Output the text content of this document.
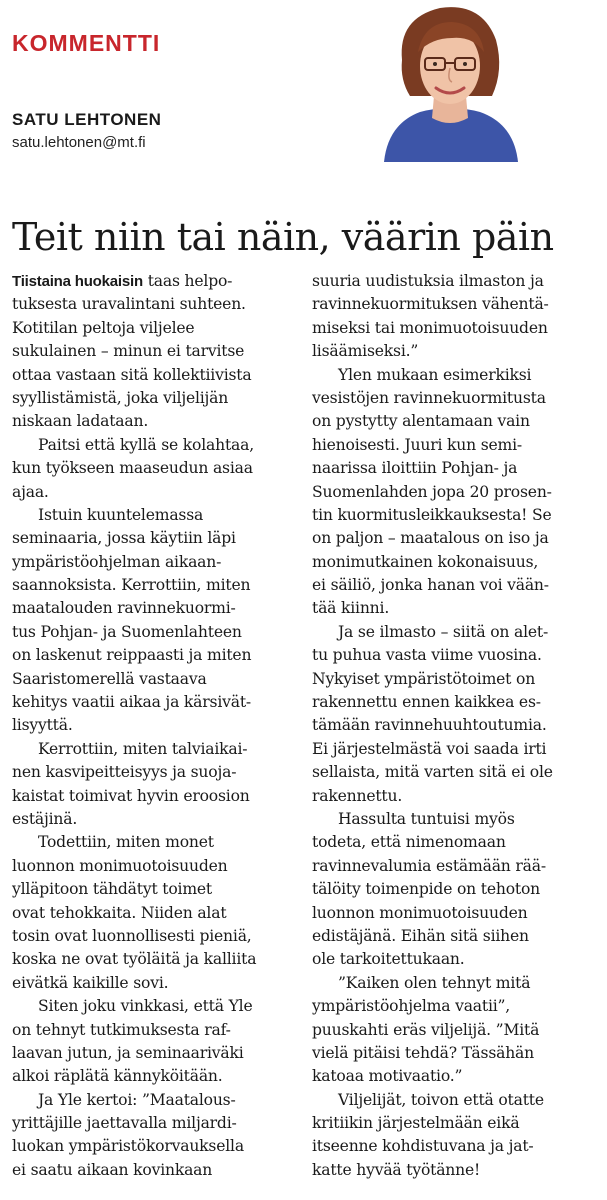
KOMMENTTI
SATU LEHTONEN
satu.lehtonen@mt.fi
Teit niin tai näin, väärin päin
Tiistaina huokaisin taas helpo-
tuksesta uravalintani suhteen.
Kotitilan peltoja viljelee
sukulainen – minun ei tarvitse
ottaa vastaan sitä kollektiivista
syyllistämistä, joka viljelijän
niskaan ladataan.
Paitsi että kyllä se kolahtaa,
kun työkseen maaseudun asiaa
ajaa.
Istuin kuuntelemassa
seminaaria, jossa käytiin läpi
ympäristöohjelman aikaan-
saannoksista. Kerrottiin, miten
maatalouden ravinnekuormi-
tus Pohjan- ja Suomenlahteen
on laskenut reippaasti ja miten
Saaristomerellä vastaava
kehitys vaatii aikaa ja kärsivät-
lisyyttä.
Kerrottiin, miten talviaikai-
nen kasvipeitteisyys ja suoja-
kaistat toimivat hyvin eroosion
estäjinä.
Todettiin, miten monet
luonnon monimuotoisuuden
ylläpitoon tähdätyt toimet
ovat tehokkaita. Niiden alat
tosin ovat luonnollisesti pieniä,
koska ne ovat työläitä ja kalliita
eivätkä kaikille sovi.
Siten joku vinkkasi, että Yle
on tehnyt tutkimuksesta raf-
laavan jutun, ja seminaariväki
alkoi räplätä kännyköitään.
Ja Yle kertoi: ”Maatalous-
yrittäjille jaettavalla miljardi-
luokan ympäristökorvauksella
ei saatu aikaan kovinkaan
suuria uudistuksia ilmaston ja
ravinnekuormituksen vähentä-
miseksi tai monimuotoisuuden
lisäämiseksi.”
Ylen mukaan esimerkiksi
vesistöjen ravinnekuormitusta
on pystytty alentamaan vain
hienoisesti. Juuri kun semi-
naarissa iloittiin Pohjan- ja
Suomenlahden jopa 20 prosen-
tin kuormitusleikkauksesta! Se
on paljon – maatalous on iso ja
monimutkainen kokonaisuus,
ei säiliö, jonka hanan voi vään-
tää kiinni.
Ja se ilmasto – siitä on alet-
tu puhua vasta viime vuosina.
Nykyiset ympäristötoimet on
rakennettu ennen kaikkea es-
tämään ravinnehuuhtoutumia.
Ei järjestelmästä voi saada irti
sellaista, mitä varten sitä ei ole
rakennettu.
Hassulta tuntuisi myös
todeta, että nimenomaan
ravinnevalumia estämään rää-
tälöity toimenpide on tehoton
luonnon monimuotoisuuden
edistäjänä. Eihän sitä siihen
ole tarkoitettukaan.
”Kaiken olen tehnyt mitä
ympäristöohjelma vaatii”,
puuskahti eräs viljelijä. ”Mitä
vielä pitäisi tehdä? Tässähän
katoaa motivaatio.”
Viljelijät, toivon että otatte
kritiikin järjestelmään eikä
itseenne kohdistuvana ja jat-
katte hyvää työtänne!
